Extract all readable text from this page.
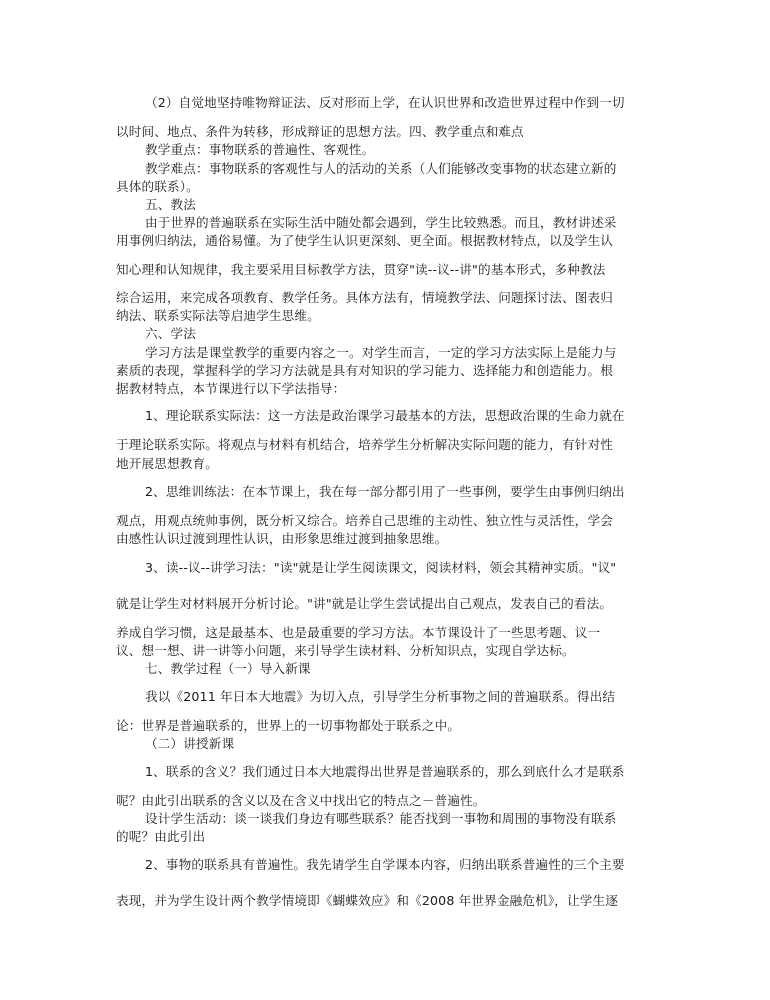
（2）自觉地坚持唯物辩证法、反对形而上学，在认识世界和改造世界过程中作到一切

以时间、地点、条件为转移，形成辩证的思想方法。四、教学重点和难点

教学重点：事物联系的普遍性、客观性。

教学难点：事物联系的客观性与人的活动的关系（人们能够改变事物的状态建立新的

具体的联系）。

五、教法

由于世界的普遍联系在实际生活中随处都会遇到，学生比较熟悉。而且，教材讲述采

用事例归纳法，通俗易懂。为了使学生认识更深刻、更全面。根据教材特点，以及学生认

知心理和认知规律，我主要采用目标教学方法，贯穿"读--议--讲"的基本形式，多种教法

综合运用，来完成各项教育、教学任务。具体方法有，情境教学法、问题探讨法、图表归

纳法、联系实际法等启迪学生思维。

六、学法

学习方法是课堂教学的重要内容之一。对学生而言，一定的学习方法实际上是能力与

素质的表现，掌握科学的学习方法就是具有对知识的学习能力、选择能力和创造能力。根

据教材特点，本节课进行以下学法指导：

1、理论联系实际法：这一方法是政治课学习最基本的方法，思想政治课的生命力就在

于理论联系实际。将观点与材料有机结合，培养学生分析解决实际问题的能力，有针对性

地开展思想教育。

2、思维训练法：在本节课上，我在每一部分都引用了一些事例，要学生由事例归纳出

观点，用观点统帅事例，既分析又综合。培养自己思维的主动性、独立性与灵活性，学会

由感性认识过渡到理性认识，由形象思维过渡到抽象思维。

3、读--议--讲学习法："读"就是让学生阅读课文，阅读材料，领会其精神实质。"议"

就是让学生对材料展开分析讨论。"讲"就是让学生尝试提出自己观点，发表自己的看法。

养成自学习惯，这是最基本、也是最重要的学习方法。本节课设计了一些思考题、议一

议、想一想、讲一讲等小问题，来引导学生读材料、分析知识点，实现自学达标。

七、教学过程（一）导入新课

我以《2011 年日本大地震》为切入点，引导学生分析事物之间的普遍联系。得出结

论：世界是普遍联系的，世界上的一切事物都处于联系之中。

（二）讲授新课

1、联系的含义？我们通过日本大地震得出世界是普遍联系的，那么到底什么才是联系

呢？由此引出联系的含义以及在含义中找出它的特点之－普遍性。

设计学生活动：谈一谈我们身边有哪些联系？能否找到一事物和周围的事物没有联系

的呢？由此引出

2、事物的联系具有普遍性。我先请学生自学课本内容，归纳出联系普遍性的三个主要

表现，并为学生设计两个教学情境即《蝴蝶效应》和《2008 年世界金融危机》，让学生逐
